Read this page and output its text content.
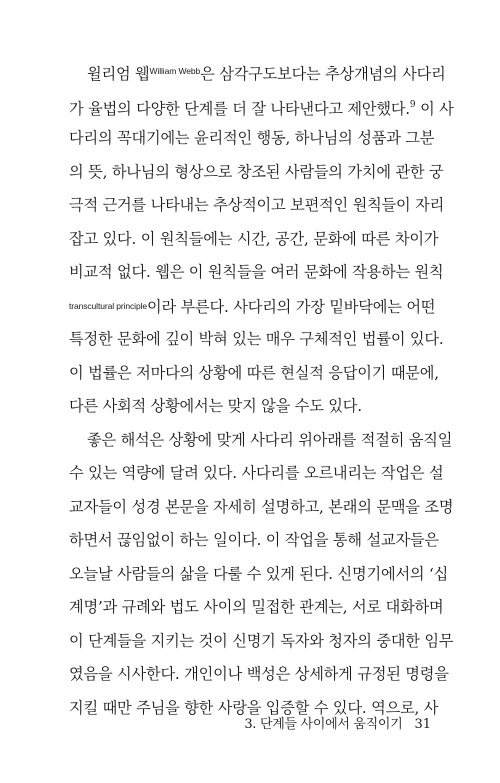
윌리엄 웹$^{William Webb}$은 삼각구도보다는 추상개념의 사다리
가 율법의 다양한 단계를 더 잘 나타낸다고 제안했다.$^9$ 이 사
다리의 꼭대기에는 윤리적인 행동, 하나님의 성품과 그분
의 뜻, 하나님의 형상으로 창조된 사람들의 가치에 관한 궁
극적 근거를 나타내는 추상적이고 보편적인 원칙들이 자리
잡고 있다. 이 원칙들에는 시간, 공간, 문화에 따른 차이가
비교적 없다. 웹은 이 원칙들을 여러 문화에 작용하는 원칙
transcultural principle이라 부른다. 사다리의 가장 밑바닥에는 어떤
특정한 문화에 깊이 박혀 있는 매우 구체적인 법률이 있다.
이 법률은 저마다의 상황에 따른 현실적 응답이기 때문에,
다른 사회적 상황에서는 맞지 않을 수도 있다.
좋은 해석은 상황에 맞게 사다리 위아래를 적절히 움직일
수 있는 역량에 달려 있다. 사다리를 오르내리는 작업은 설
교자들이 성경 본문을 자세히 설명하고, 본래의 문맥을 조명
하면서 끊임없이 하는 일이다. 이 작업을 통해 설교자들은
오늘날 사람들의 삶을 다룰 수 있게 된다. 신명기에서의 ‘십
계명’과 규례와 법도 사이의 밀접한 관계는, 서로 대화하며
이 단계들을 지키는 것이 신명기 독자와 청자의 중대한 임무
였음을 시사한다. 개인이나 백성은 상세하게 규정된 명령을
지킬 때만 주님을 향한 사랑을 입증할 수 있다. 역으로, 사
3. 단계들 사이에서 움직이기 31
